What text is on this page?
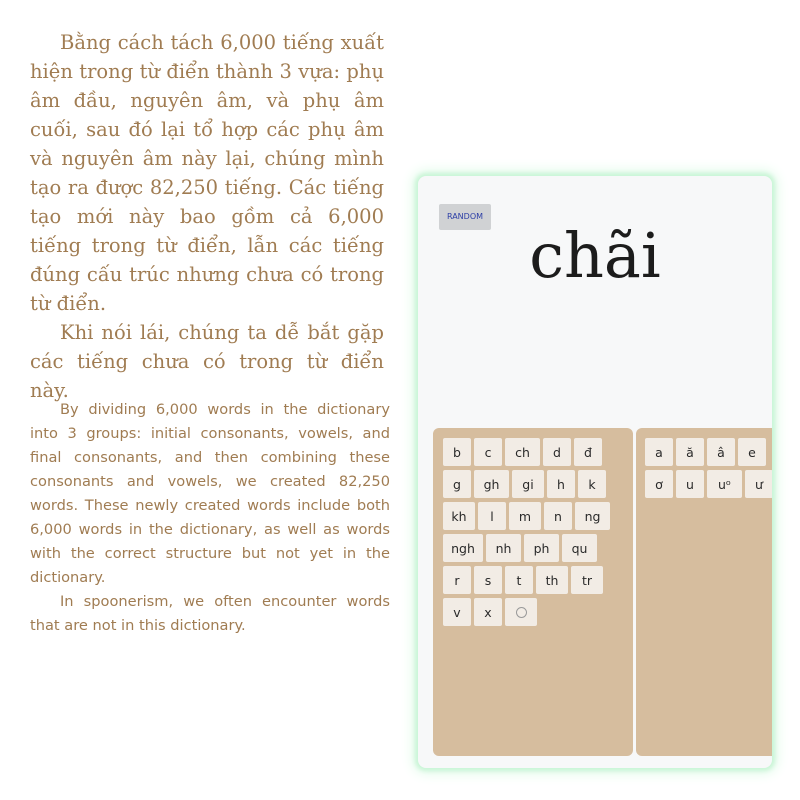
Bằng cách tách 6,000 tiếng xuất hiện trong từ điển thành 3 vựa: phụ âm đầu, nguyên âm, và phụ âm cuối, sau đó lại tổ hợp các phụ âm và nguyên âm này lại, chúng mình tạo ra được 82,250 tiếng. Các tiếng tạo mới này bao gồm cả 6,000 tiếng trong từ điển, lẫn các tiếng đúng cấu trúc nhưng chưa có trong từ điển.

Khi nói lái, chúng ta dễ bắt gặp các tiếng chưa có trong từ điển này.

By dividing 6,000 words in the dictionary into 3 groups: initial consonants, vowels, and final consonants, and then combining these consonants and vowels, we created 82,250 words. These newly created words include both 6,000 words in the dictionary, as well as words with the correct structure but not yet in the dictionary.

In spoonerism, we often encounter words that are not in this dictionary.

RANDOM
chãi
b	c	ch	d	đ
g	gh	gi	h	k
kh	l	m	n	ng
ngh	nh	ph	qu
r	s	t	th	tr
v	x
a	ă	â	e
ơ	u	uᵒ	ư
